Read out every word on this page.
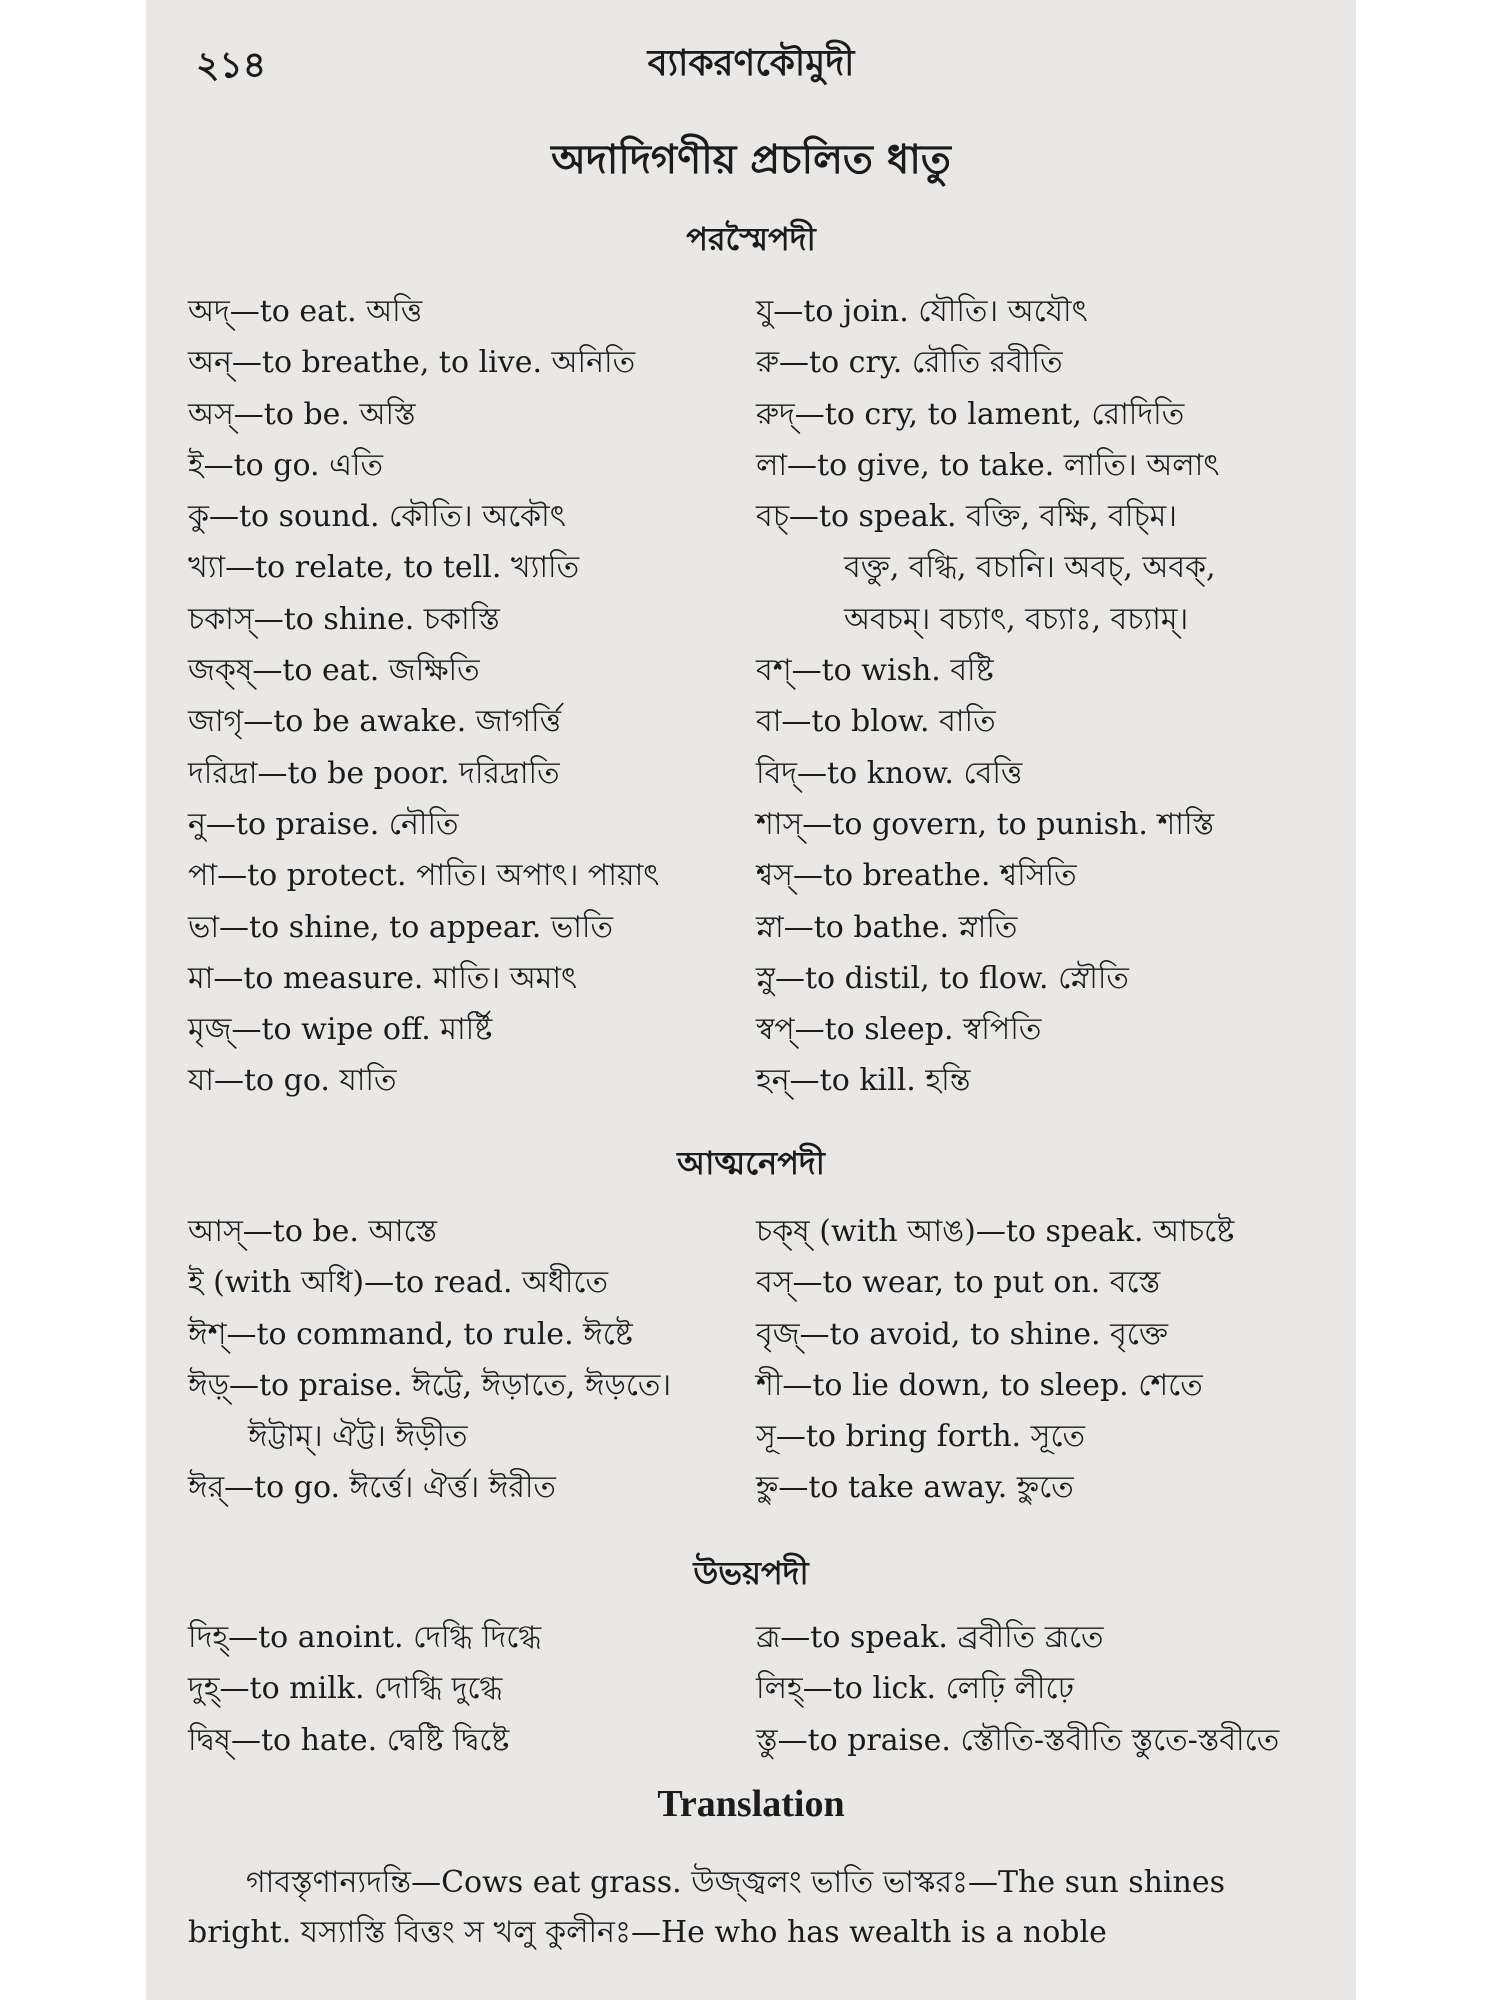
২১৪	ব্যাকরণকৌমুদী
অদাদিগণীয় প্রচলিত ধাতু
পরস্মৈপদী
অদ্—to eat. অত্তি
অন্—to breathe, to live. অনিতি
অস্—to be. অস্তি
ই—to go. এতি
কু—to sound. কৌতি। অকৌৎ
খ্যা—to relate, to tell. খ্যাতি
চকাস্—to shine. চকাস্তি
জক্ষ্—to eat. জক্ষিতি
জাগৃ—to be awake. জাগর্ত্তি
দরিদ্রা—to be poor. দরিদ্রাতি
নু—to praise. নৌতি
পা—to protect. পাতি। অপাৎ। পায়াৎ
ভা—to shine, to appear. ভাতি
মা—to measure. মাতি। অমাৎ
মৃজ্—to wipe off. মার্ষ্টি
যা—to go. যাতি
যু—to join. যৌতি। অযৌৎ
রু—to cry. রৌতি রবীতি
রুদ্—to cry, to lament, রোদিতি
লা—to give, to take. লাতি। অলাৎ
বচ্—to speak. বক্তি, বক্ষি, বচ্মি।
বক্তু, বগ্ধি, বচানি। অবচ্, অবক্,
অবচম্। বচ্যাৎ, বচ্যাঃ, বচ্যাম্।
বশ্—to wish. বষ্টি
বা—to blow. বাতি
বিদ্—to know. বেত্তি
শাস্—to govern, to punish. শাস্তি
শ্বস্—to breathe. শ্বসিতি
স্না—to bathe. স্নাতি
স্নু—to distil, to flow. স্নৌতি
স্বপ্—to sleep. স্বপিতি
হন্—to kill. হন্তি
আত্মনেপদী
আস্—to be. আস্তে
ই (with অধি)—to read. অধীতে
ঈশ্—to command, to rule. ঈষ্টে
ঈড়্—to praise. ঈট্টে, ঈড়াতে, ঈড়তে।
ঈট্টাম্। ঐট্ট। ঈড়ীত
ঈর্—to go. ঈর্ত্তে। ঐর্ত্ত। ঈরীত
চক্ষ্ (with আঙ)—to speak. আচষ্টে
বস্—to wear, to put on. বস্তে
বৃজ্—to avoid, to shine. বৃক্তে
শী—to lie down, to sleep. শেতে
সূ—to bring forth. সূতে
হ্নু—to take away. হ্নুতে
উভয়পদী
দিহ্—to anoint. দেগ্ধি দিগ্ধে
দুহ্—to milk. দোগ্ধি দুগ্ধে
দ্বিষ্—to hate. দ্বেষ্টি দ্বিষ্টে
ব্রূ—to speak. ব্রবীতি ব্রূতে
লিহ্—to lick. লেঢ়ি লীঢ়ে
স্তু—to praise. স্তৌতি-স্তবীতি স্তুতে-স্তবীতে
Translation
গাবস্তৃণান্যদন্তি—Cows eat grass. উজ্জ্বলং ভাতি ভাস্করঃ—The sun shines
bright. যস্যাস্তি বিত্তং স খলু কুলীনঃ—He who has wealth is a noble
